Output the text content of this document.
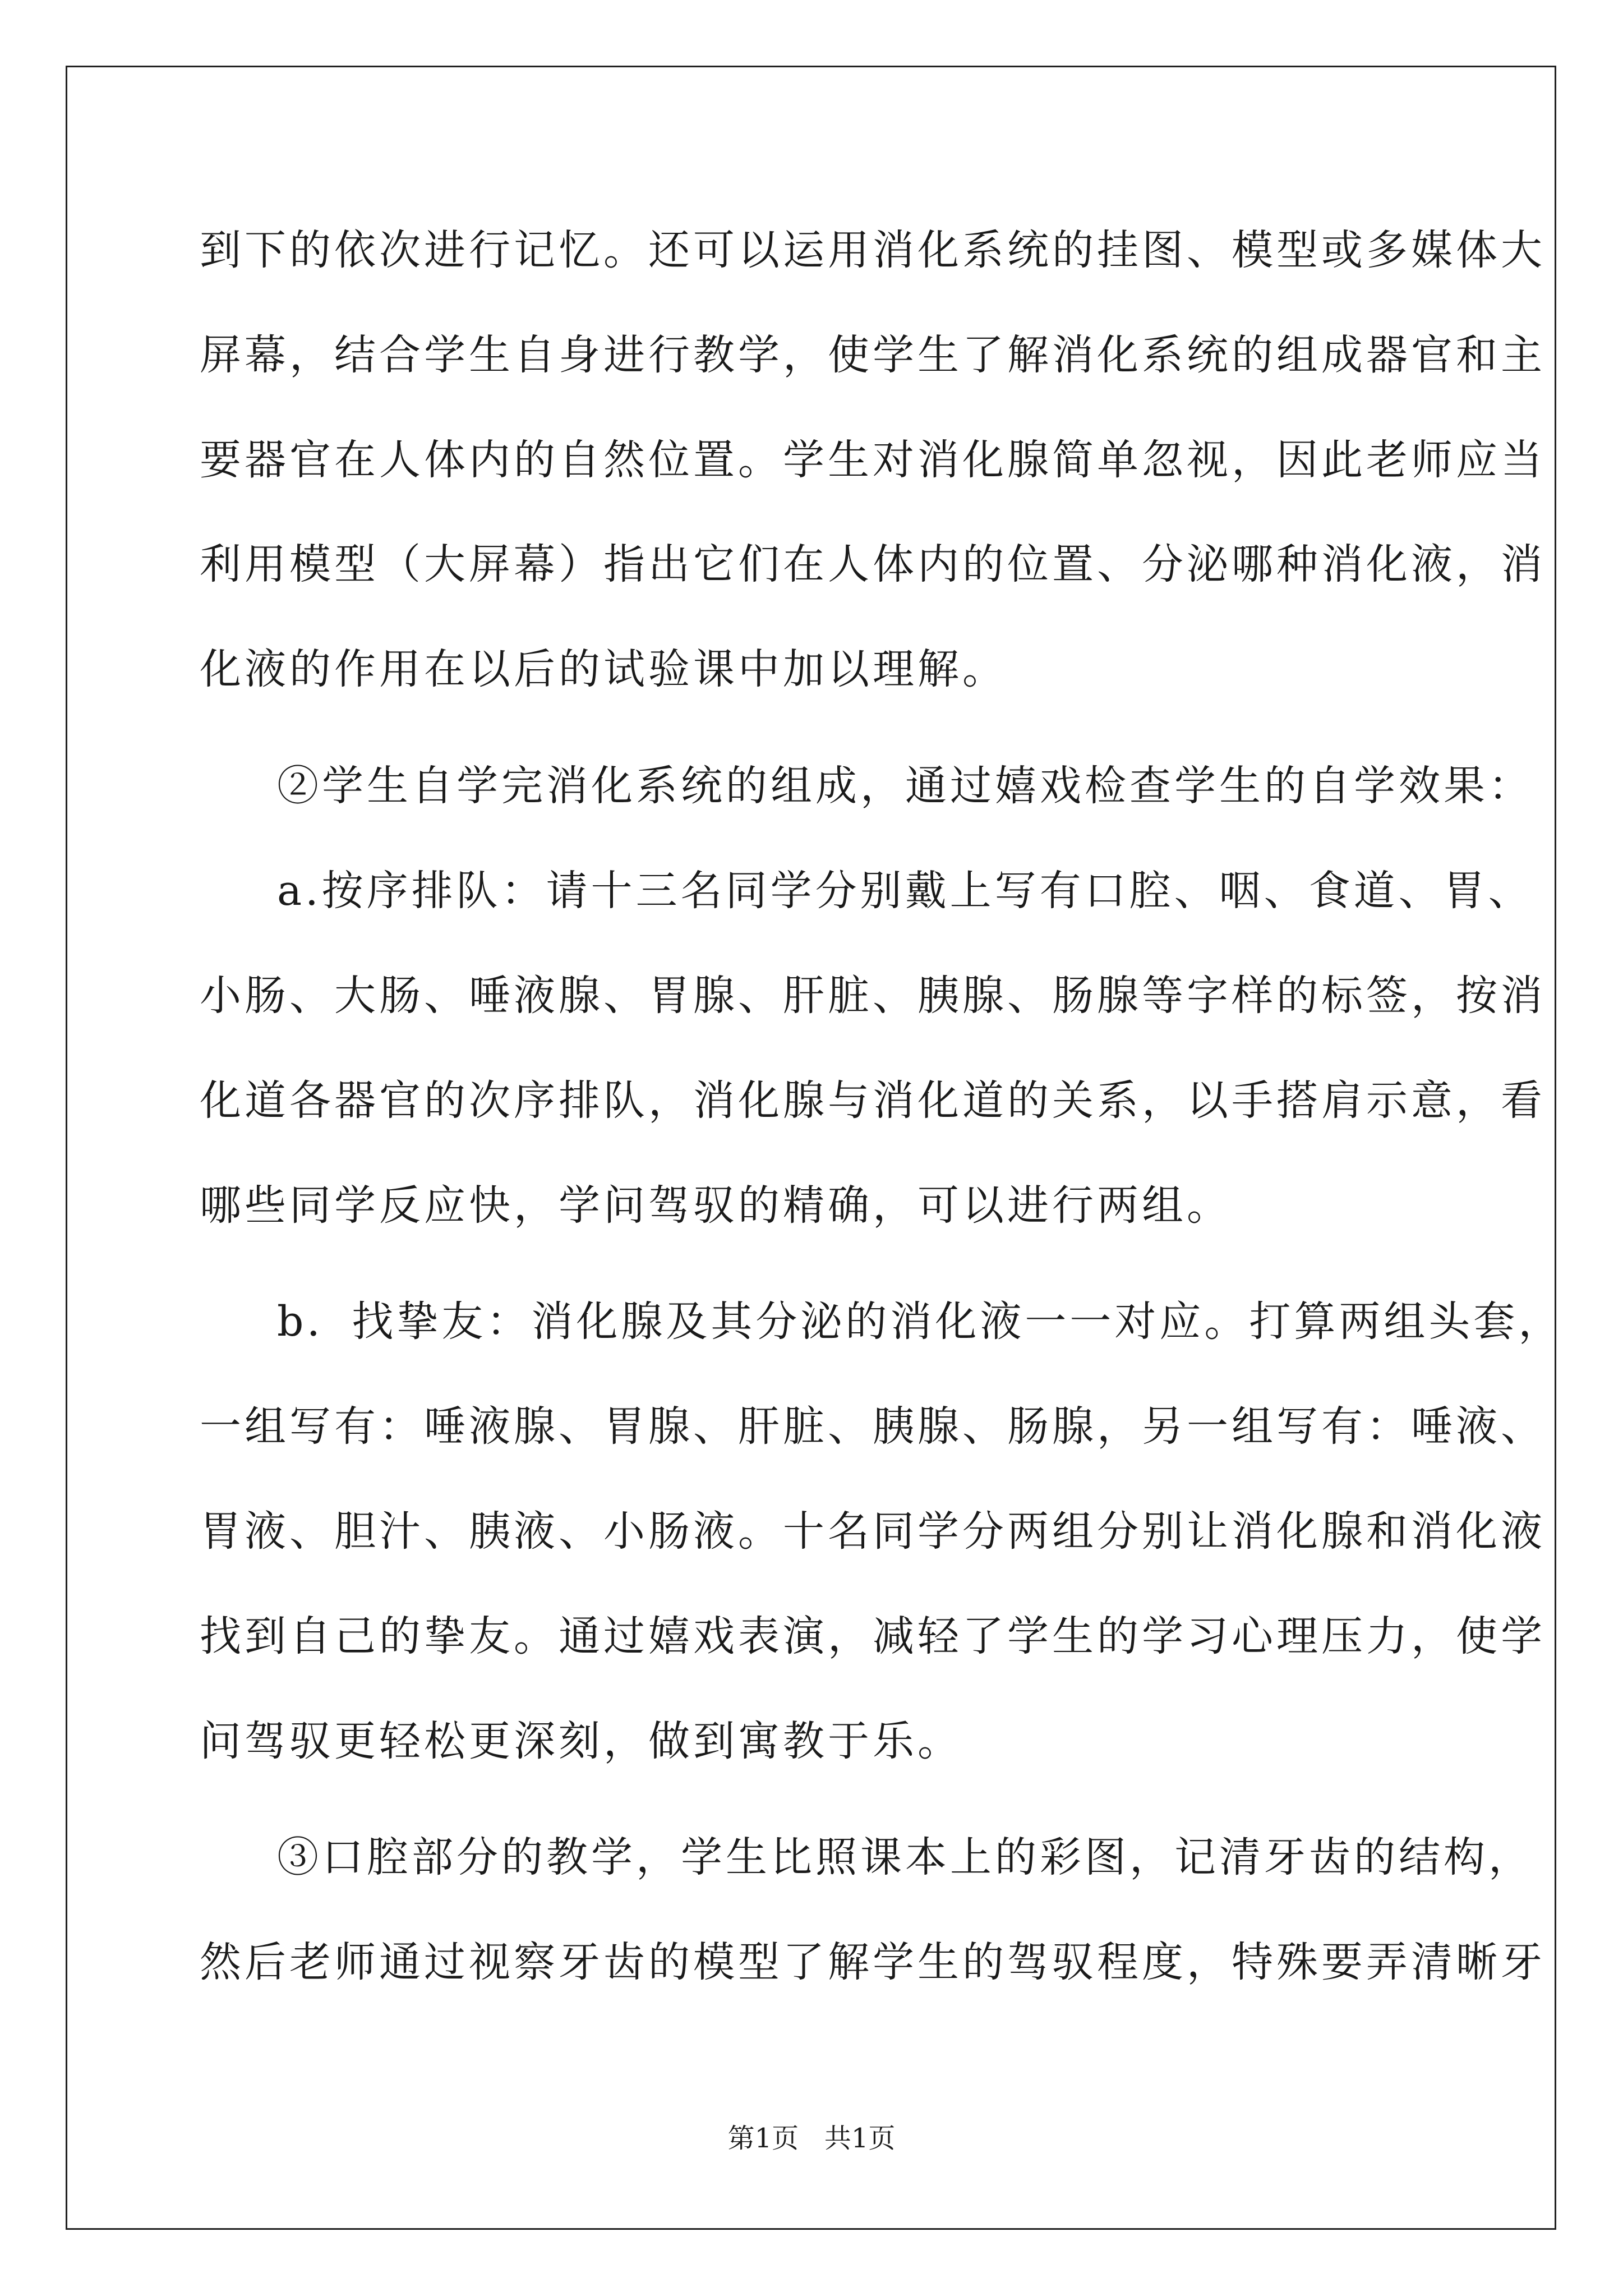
到下的依次进行记忆。还可以运用消化系统的挂图、模型或多媒体大
屏幕，结合学生自身进行教学，使学生了解消化系统的组成器官和主
要器官在人体内的自然位置。学生对消化腺简单忽视，因此老师应当
利用模型（大屏幕）指出它们在人体内的位置、分泌哪种消化液，消
化液的作用在以后的试验课中加以理解。
②学生自学完消化系统的组成，通过嬉戏检查学生的自学效果：
a.按序排队：请十三名同学分别戴上写有口腔、咽、食道、胃、
小肠、大肠、唾液腺、胃腺、肝脏、胰腺、肠腺等字样的标签，按消
化道各器官的次序排队，消化腺与消化道的关系，以手搭肩示意，看
哪些同学反应快，学问驾驭的精确，可以进行两组。
b．找挚友：消化腺及其分泌的消化液一一对应。打算两组头套，
一组写有：唾液腺、胃腺、肝脏、胰腺、肠腺，另一组写有：唾液、
胃液、胆汁、胰液、小肠液。十名同学分两组分别让消化腺和消化液
找到自己的挚友。通过嬉戏表演，减轻了学生的学习心理压力，使学
问驾驭更轻松更深刻，做到寓教于乐。
③口腔部分的教学，学生比照课本上的彩图，记清牙齿的结构，
然后老师通过视察牙齿的模型了解学生的驾驭程度，特殊要弄清晰牙
第1页   共1页
